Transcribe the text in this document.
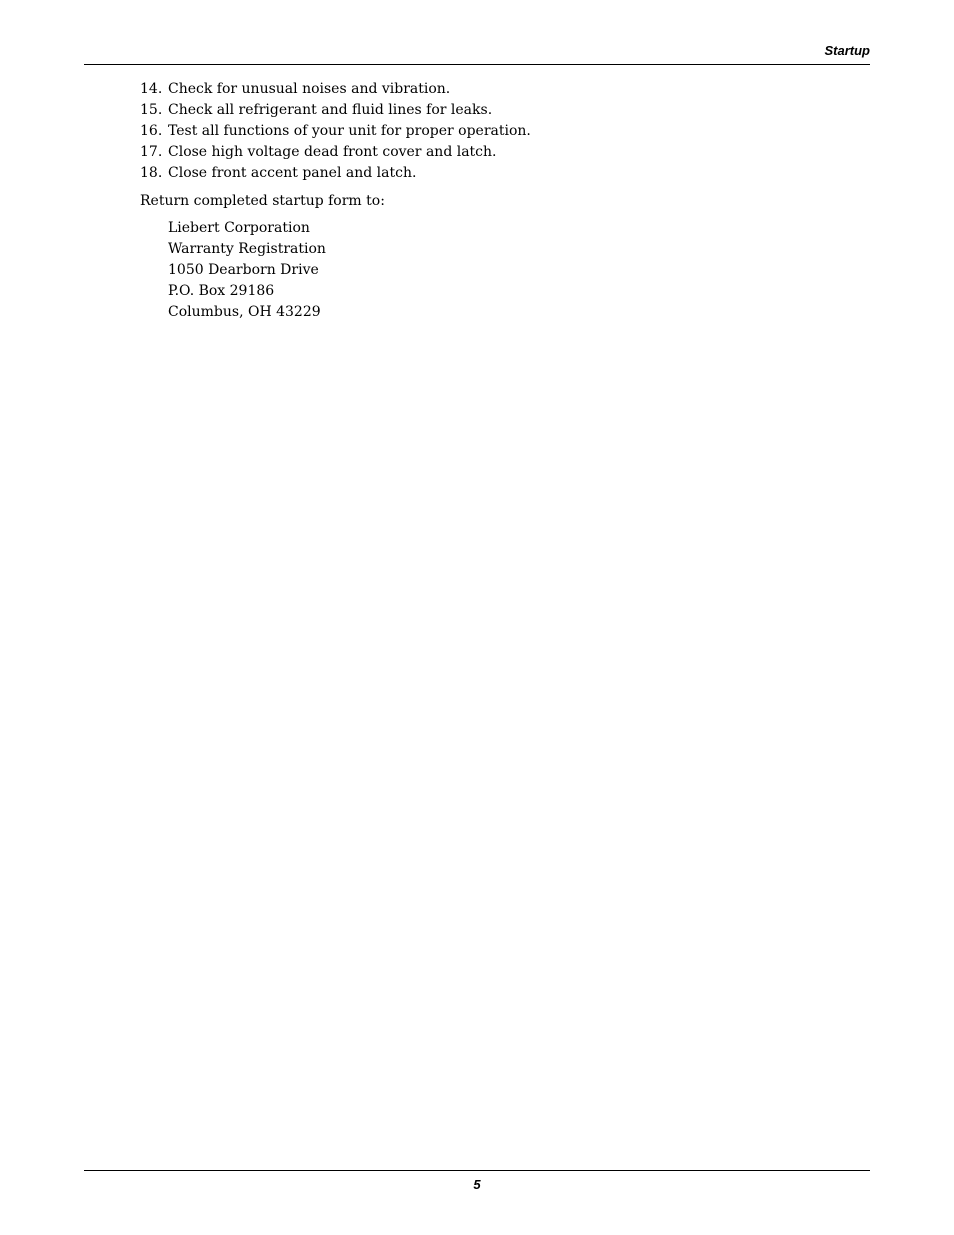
Startup

14. Check for unusual noises and vibration.
15. Check all refrigerant and fluid lines for leaks.
16. Test all functions of your unit for proper operation.
17. Close high voltage dead front cover and latch.
18. Close front accent panel and latch.

Return completed startup form to:

Liebert Corporation
Warranty Registration
1050 Dearborn Drive
P.O. Box 29186
Columbus, OH 43229

5
